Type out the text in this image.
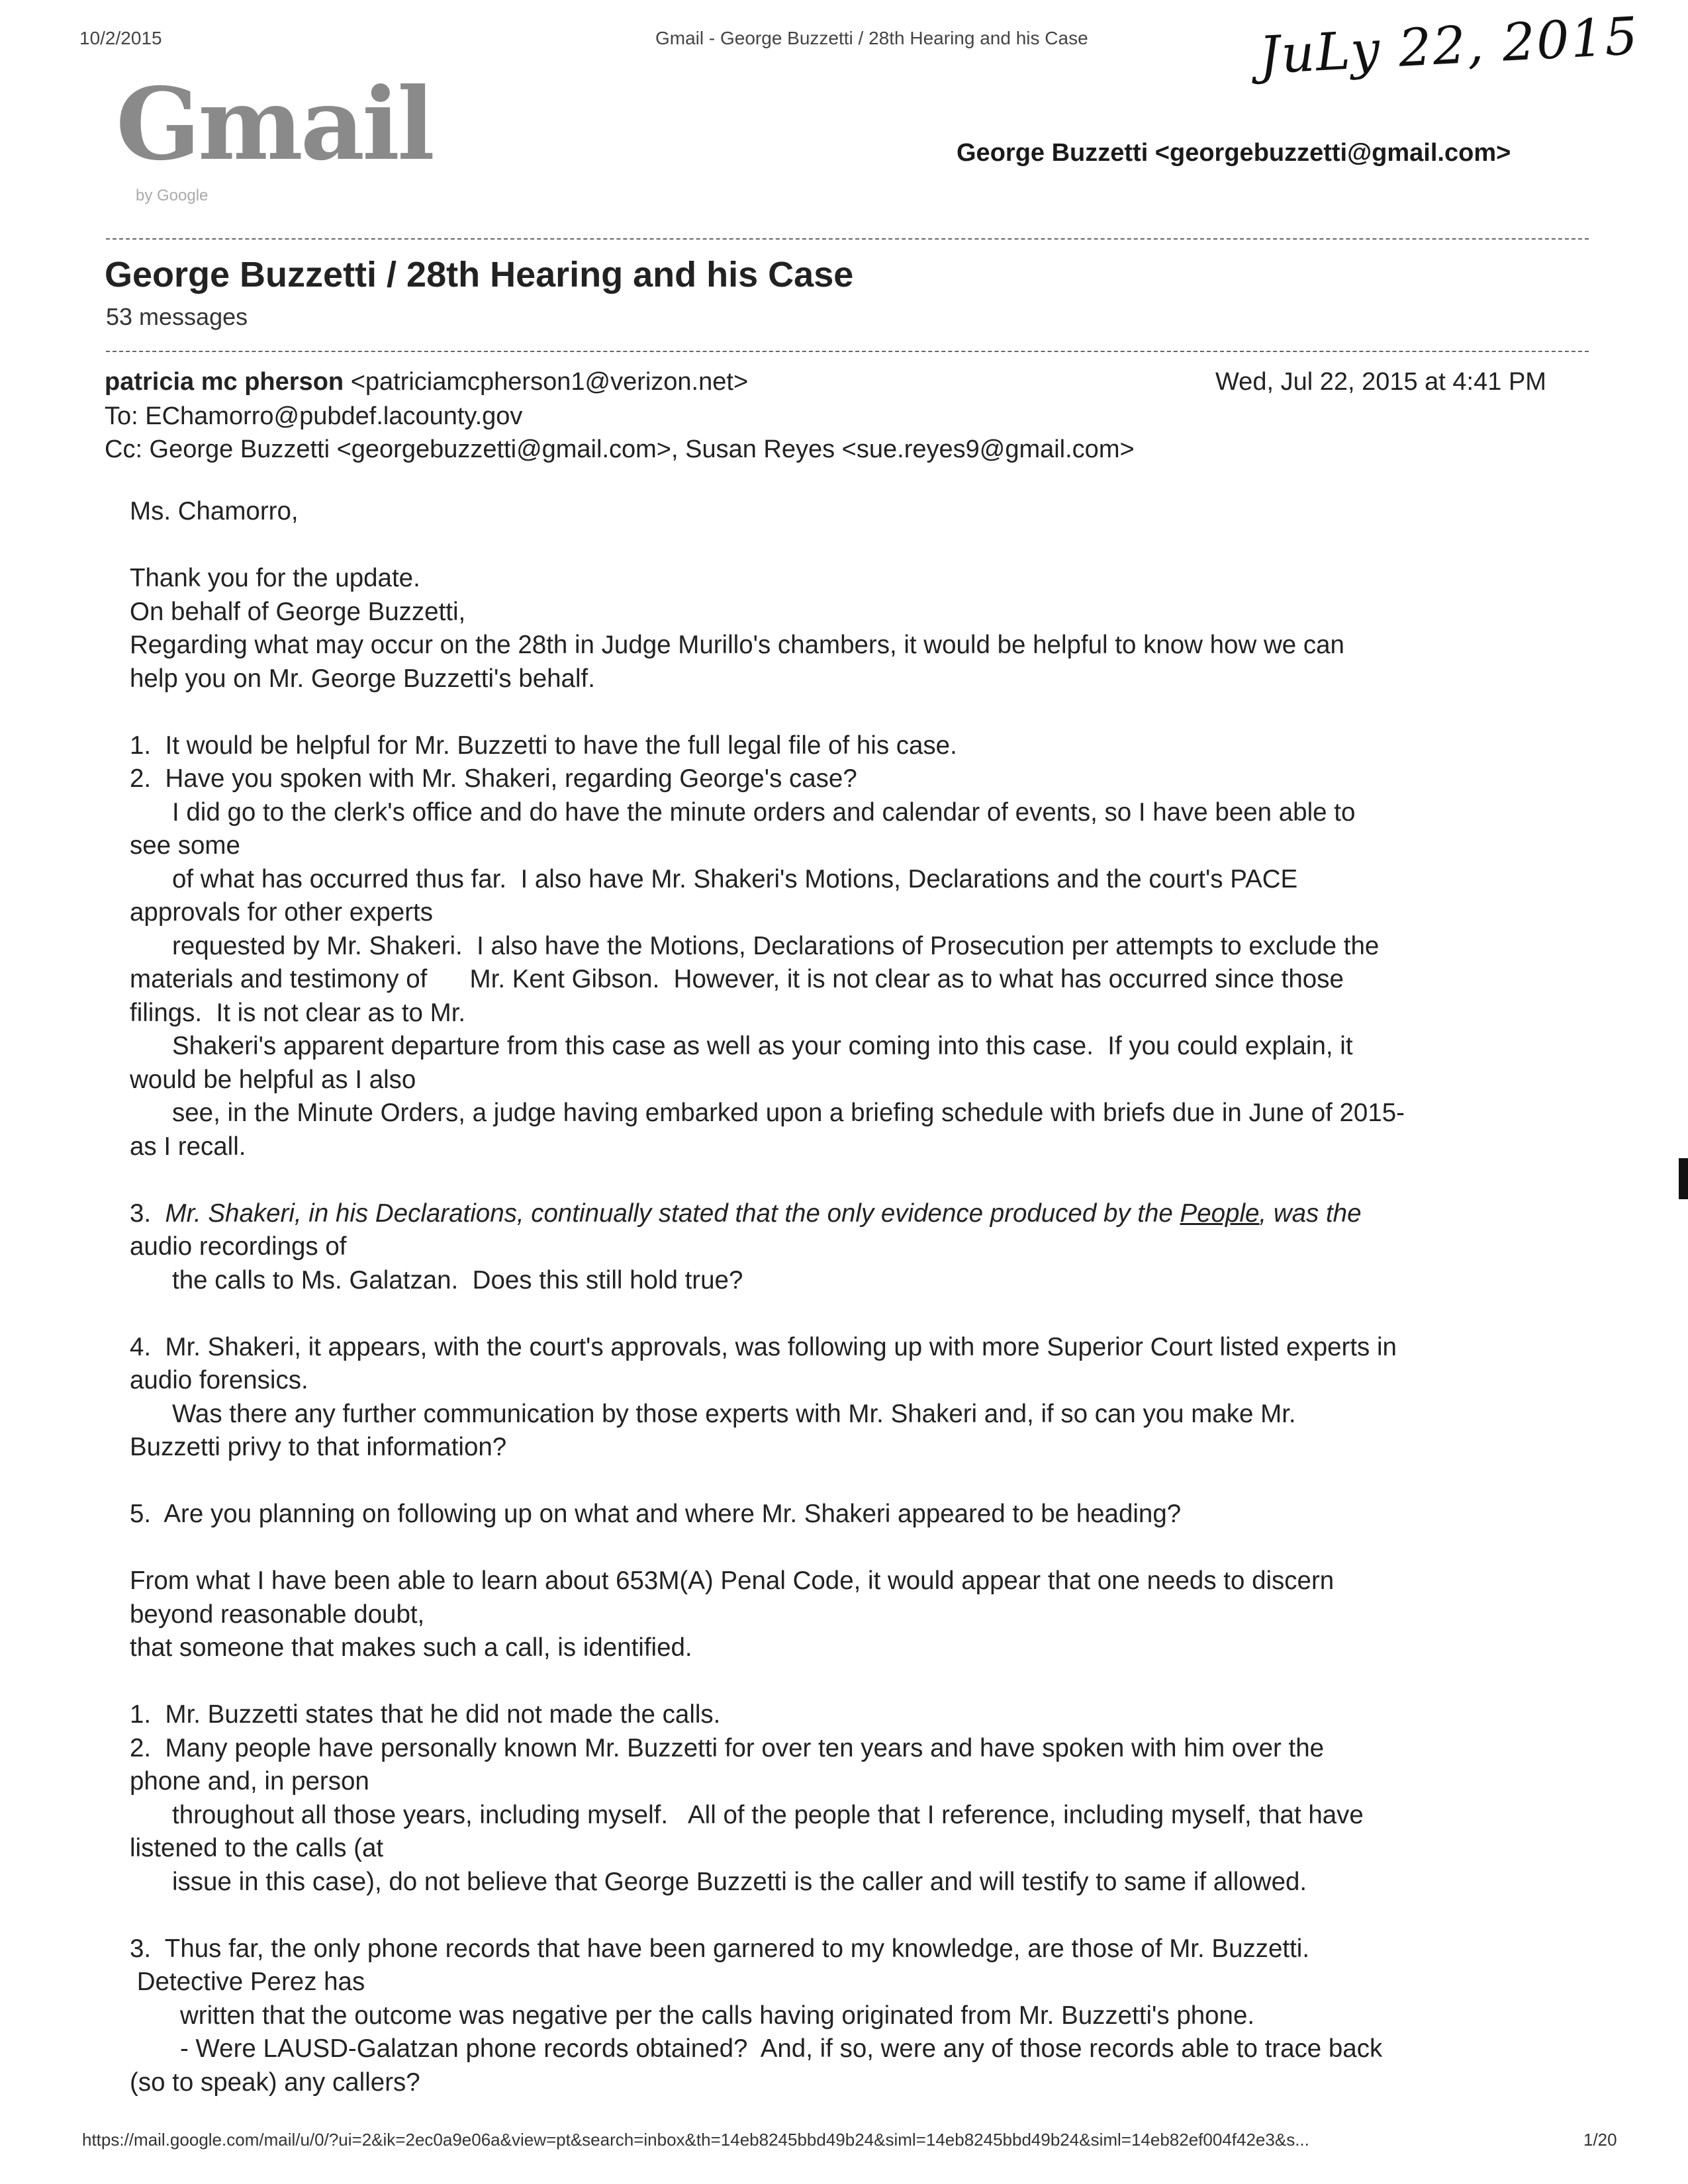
10/2/2015	Gmail - George Buzzetti / 28th Hearing and his Case	JuLy 22, 2015
Gmail
by Google
George Buzzetti <georgebuzzetti@gmail.com>
George Buzzetti / 28th Hearing and his Case
53 messages
patricia mc pherson <patriciamcpherson1@verizon.net>	Wed, Jul 22, 2015 at 4:41 PM
To: EChamorro@pubdef.lacounty.gov
Cc: George Buzzetti <georgebuzzetti@gmail.com>, Susan Reyes <sue.reyes9@gmail.com>
Ms. Chamorro,
Thank you for the update.
On behalf of George Buzzetti,
Regarding what may occur on the 28th in Judge Murillo's chambers, it would be helpful to know how we can
help you on Mr. George Buzzetti's behalf.
1.  It would be helpful for Mr. Buzzetti to have the full legal file of his case.
2.  Have you spoken with Mr. Shakeri, regarding George's case?
I did go to the clerk's office and do have the minute orders and calendar of events, so I have been able to
see some
of what has occurred thus far.  I also have Mr. Shakeri's Motions, Declarations and the court's PACE
approvals for other experts
requested by Mr. Shakeri.  I also have the Motions, Declarations of Prosecution per attempts to exclude the
materials and testimony of      Mr. Kent Gibson.  However, it is not clear as to what has occurred since those
filings.  It is not clear as to Mr.
Shakeri's apparent departure from this case as well as your coming into this case.  If you could explain, it
would be helpful as I also
see, in the Minute Orders, a judge having embarked upon a briefing schedule with briefs due in June of 2015-
as I recall.
3.  Mr. Shakeri, in his Declarations, continually stated that the only evidence produced by the People, was the
audio recordings of
the calls to Ms. Galatzan.  Does this still hold true?
4.  Mr. Shakeri, it appears, with the court's approvals, was following up with more Superior Court listed experts in
audio forensics.
Was there any further communication by those experts with Mr. Shakeri and, if so can you make Mr.
Buzzetti privy to that information?
5.  Are you planning on following up on what and where Mr. Shakeri appeared to be heading?
From what I have been able to learn about 653M(A) Penal Code, it would appear that one needs to discern
beyond reasonable doubt,
that someone that makes such a call, is identified.
1.  Mr. Buzzetti states that he did not made the calls.
2.  Many people have personally known Mr. Buzzetti for over ten years and have spoken with him over the
phone and, in person
throughout all those years, including myself.   All of the people that I reference, including myself, that have
listened to the calls (at
issue in this case), do not believe that George Buzzetti is the caller and will testify to same if allowed.
3.  Thus far, the only phone records that have been garnered to my knowledge, are those of Mr. Buzzetti.
Detective Perez has
written that the outcome was negative per the calls having originated from Mr. Buzzetti's phone.
- Were LAUSD-Galatzan phone records obtained?  And, if so, were any of those records able to trace back
(so to speak) any callers?
https://mail.google.com/mail/u/0/?ui=2&ik=2ec0a9e06a&view=pt&search=inbox&th=14eb8245bbd49b24&siml=14eb8245bbd49b24&siml=14eb82ef004f42e3&s...	1/20
